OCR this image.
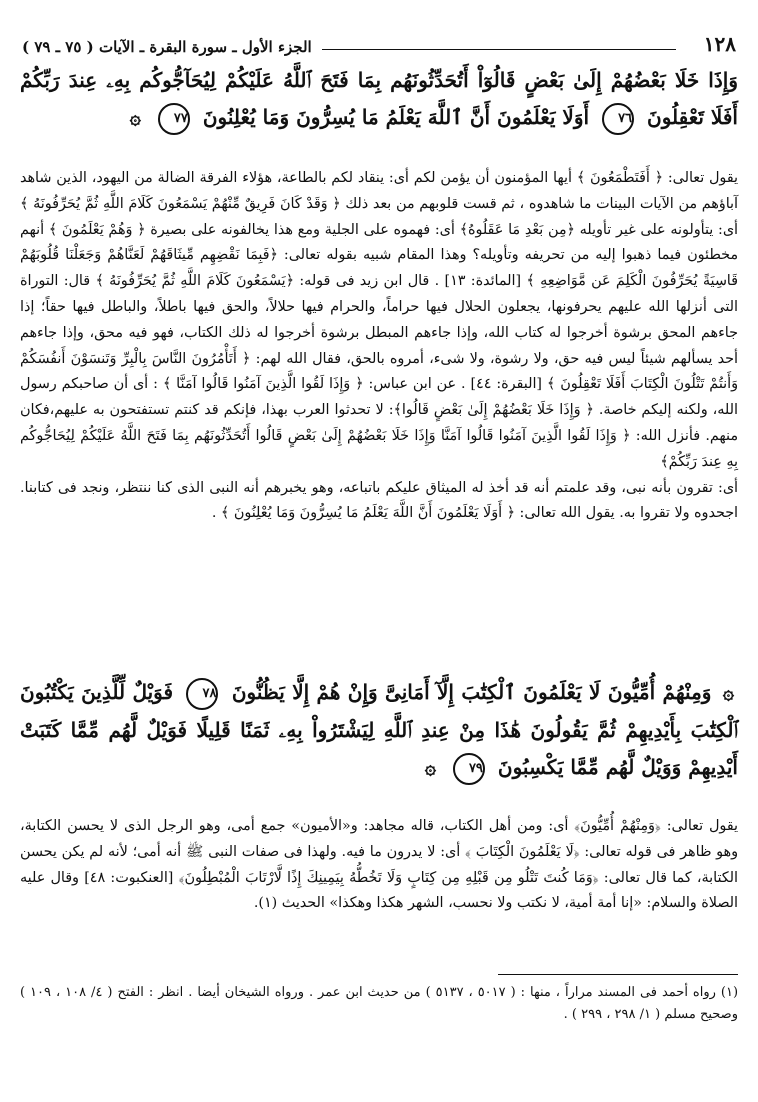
١٢٨
الجزء الأول ـ سورة البقرة ـ الآيات ( ٧٥ ـ ٧٩ )
وَإِذَا خَلَا بَعْضُهُمْ إِلَىٰ بَعْضٍ قَالُوٓاْ أَتُحَدِّثُونَهُم بِمَا فَتَحَ ٱللَّهُ عَلَيْكُمْ لِيُحَآجُّوكُم بِهِۦ عِندَ رَبِّكُمْ أَفَلَا تَعْقِلُونَ ٧٦ أَوَلَا يَعْلَمُونَ أَنَّ ٱللَّهَ يَعْلَمُ مَا يُسِرُّونَ وَمَا يُعْلِنُونَ ٧٧ ۞

يقول تعالى: ﴿ أَفَتَطْمَعُونَ ﴾ أيها المؤمنون أن يؤمن لكم أى: ينقاد لكم بالطاعة، هؤلاء الفرقة الضالة من اليهود، الذين شاهد آباؤهم من الآيات البينات ما شاهدوه ، ثم قست قلوبهم من بعد ذلك ﴿ وَقَدْ كَانَ فَرِيقٌ مِّنْهُمْ يَسْمَعُونَ كَلَامَ اللَّهِ ثُمَّ يُحَرِّفُونَهُ ﴾ أى: يتأولونه على غير تأويله ﴿مِن بَعْدِ مَا عَقَلُوهُ﴾ أى: فهموه على الجلية ومع هذا يخالفونه على بصيرة ﴿ وَهُمْ يَعْلَمُونَ ﴾ أنهم مخطئون فيما ذهبوا إليه من تحريفه وتأويله؟ وهذا المقام شبيه بقوله تعالى: ﴿فَبِمَا نَقْضِهِم مِّيثَاقَهُمْ لَعَنَّاهُمْ وَجَعَلْنَا قُلُوبَهُمْ قَاسِيَةً يُحَرِّفُونَ الْكَلِمَ عَن مَّوَاضِعِهِ ﴾ [المائدة: ١٣] . قال ابن زيد فى قوله: ﴿يَسْمَعُونَ كَلَامَ اللَّهِ ثُمَّ يُحَرِّفُونَهُ ﴾ قال: التوراة التى أنزلها الله عليهم يحرفونها، يجعلون الحلال فيها حراماً، والحرام فيها حلالاً، والحق فيها باطلاً، والباطل فيها حقاً؛ إذا جاءهم المحق برشوة أخرجوا له كتاب الله، وإذا جاءهم المبطل برشوة أخرجوا له ذلك الكتاب، فهو فيه محق، وإذا جاءهم أحد يسألهم شيئاً ليس فيه حق، ولا رشوة، ولا شىء، أمروه بالحق، فقال الله لهم: ﴿ أَتَأْمُرُونَ النَّاسَ بِالْبِرِّ وَتَنسَوْنَ أَنفُسَكُمْ وَأَنتُمْ تَتْلُونَ الْكِتَابَ أَفَلَا تَعْقِلُونَ ﴾ [البقرة: ٤٤] . عن ابن عباس: ﴿ وَإِذَا لَقُوا الَّذِينَ آمَنُوا قَالُوا آمَنَّا ﴾ : أى أن صاحبكم رسول الله، ولكنه إليكم خاصة. ﴿ وَإِذَا خَلَا بَعْضُهُمْ إِلَىٰ بَعْضٍ قَالُوا﴾: لا تحدثوا العرب بهذا، فإنكم قد كنتم تستفتحون به عليهم،فكان منهم. فأنزل الله: ﴿ وَإِذَا لَقُوا الَّذِينَ آمَنُوا قَالُوا آمَنَّا وَإِذَا خَلَا بَعْضُهُمْ إِلَىٰ بَعْضٍ قَالُوا أَتُحَدِّثُونَهُم بِمَا فَتَحَ اللَّهُ عَلَيْكُمْ لِيُحَاجُّوكُم بِهِ عِندَ رَبِّكُمْ﴾

أى: تقرون بأنه نبى، وقد علمتم أنه قد أخذ له الميثاق عليكم باتباعه، وهو يخبرهم أنه النبى الذى كنا ننتظر، ونجد فى كتابنا. اجحدوه ولا تقروا به. يقول الله تعالى: ﴿ أَوَلَا يَعْلَمُونَ أَنَّ اللَّهَ يَعْلَمُ مَا يُسِرُّونَ وَمَا يُعْلِنُونَ ﴾ .

۞ وَمِنْهُمْ أُمِّيُّونَ لَا يَعْلَمُونَ ٱلْكِتَٰبَ إِلَّآ أَمَانِىَّ وَإِنْ هُمْ إِلَّا يَظُنُّونَ ٧٨ فَوَيْلٌ لِّلَّذِينَ يَكْتُبُونَ ٱلْكِتَٰبَ بِأَيْدِيهِمْ ثُمَّ يَقُولُونَ هَٰذَا مِنْ عِندِ ٱللَّهِ لِيَشْتَرُواْ بِهِۦ ثَمَنًا قَلِيلًا فَوَيْلٌ لَّهُم مِّمَّا كَتَبَتْ أَيْدِيهِمْ وَوَيْلٌ لَّهُم مِّمَّا يَكْسِبُونَ ٧٩ ۞

يقول تعالى: ﴿وَمِنْهُمْ أُمِّيُّونَ﴾ أى: ومن أهل الكتاب، قاله مجاهد: و«الأميون» جمع أمى، وهو الرجل الذى لا يحسن الكتابة، وهو ظاهر فى قوله تعالى: ﴿لَا يَعْلَمُونَ الْكِتَابَ ﴾ أى: لا يدرون ما فيه. ولهذا فى صفات النبى ﷺ أنه أمى؛ لأنه لم يكن يحسن الكتابة، كما قال تعالى: ﴿وَمَا كُنتَ تَتْلُو مِن قَبْلِهِ مِن كِتَابٍ وَلَا تَخُطُّهُ بِيَمِينِكَ إِذًا لَّارْتَابَ الْمُبْطِلُونَ﴾ [العنكبوت: ٤٨] وقال عليه الصلاة والسلام: «إنا أمة أمية، لا نكتب ولا نحسب، الشهر هكذا وهكذا» الحديث (١).

(١) رواه أحمد فى المسند مراراً ، منها : ( ٥٠١٧ ، ٥١٣٧ ) من حديث ابن عمر . ورواه الشيخان أيضا . انظر : الفتح ( ٤/ ١٠٨ ، ١٠٩ ) وصحيح مسلم ( ١/ ٢٩٨ ، ٢٩٩ ) .
